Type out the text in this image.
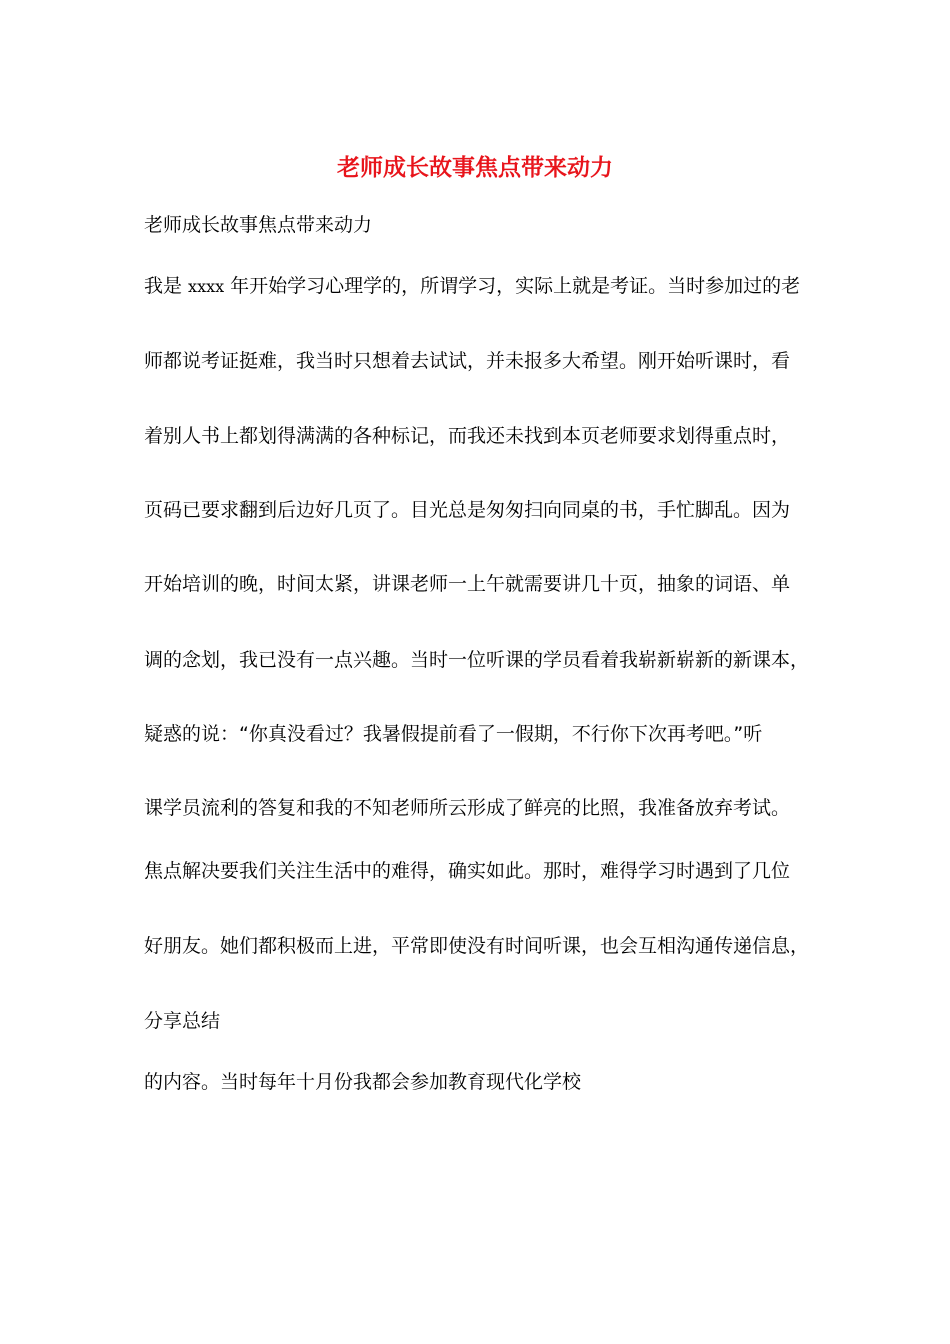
老师成长故事焦点带来动力

老师成长故事焦点带来动力

我是 xxxx 年开始学习心理学的，所谓学习，实际上就是考证。当时参加过的老

师都说考证挺难，我当时只想着去试试，并未报多大希望。刚开始听课时，看

着别人书上都划得满满的各种标记，而我还未找到本页老师要求划得重点时，

页码已要求翻到后边好几页了。目光总是匆匆扫向同桌的书，手忙脚乱。因为

开始培训的晚，时间太紧，讲课老师一上午就需要讲几十页，抽象的词语、单

调的念划，我已没有一点兴趣。当时一位听课的学员看着我崭新崭新的新课本，

疑惑的说：“你真没看过？我暑假提前看了一假期，不行你下次再考吧。”听

课学员流利的答复和我的不知老师所云形成了鲜亮的比照，我准备放弃考试。

焦点解决要我们关注生活中的难得，确实如此。那时，难得学习时遇到了几位

好朋友。她们都积极而上进，平常即使没有时间听课，也会互相沟通传递信息，

分享总结

的内容。当时每年十月份我都会参加教育现代化学校
